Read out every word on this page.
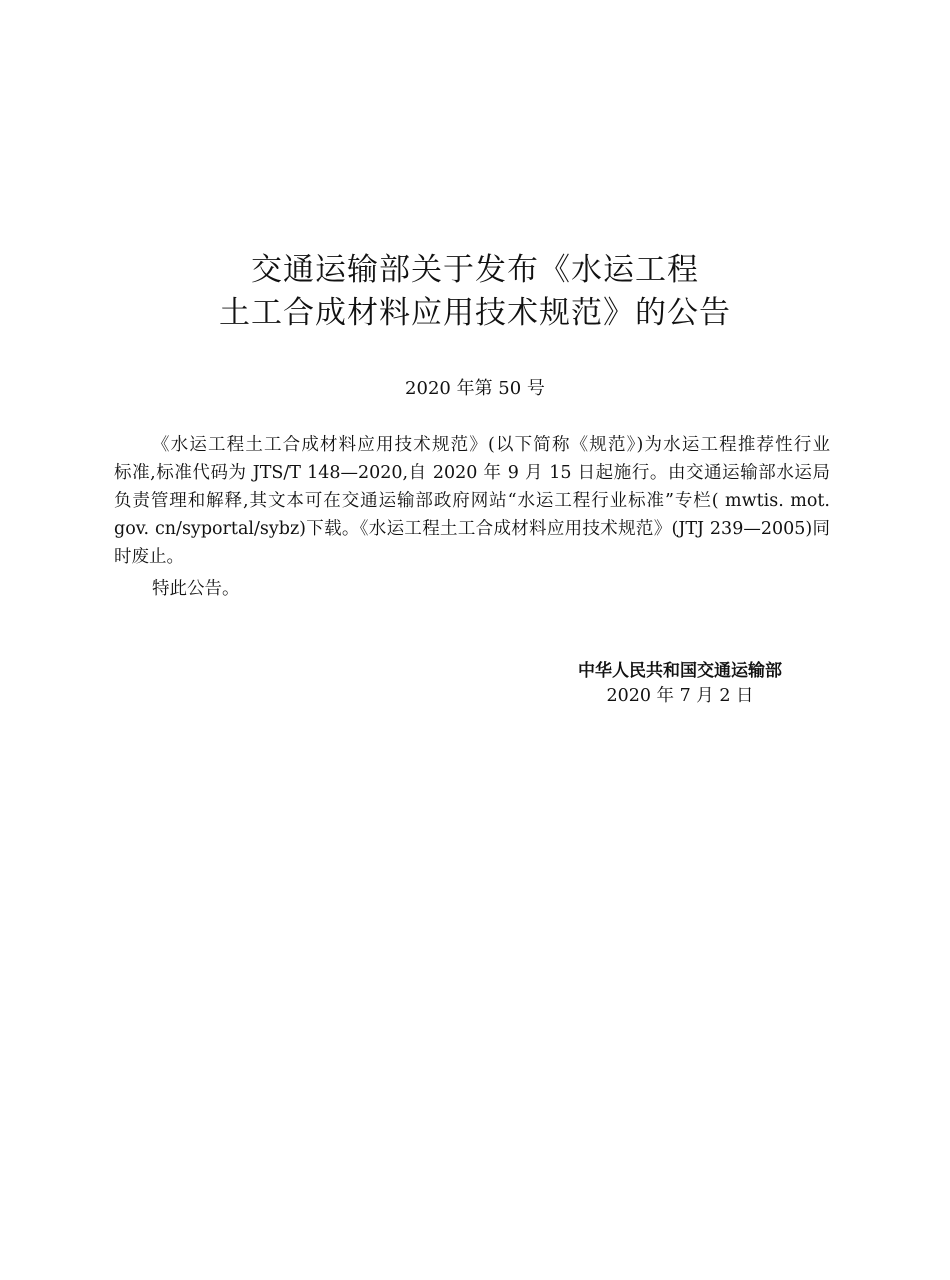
交通运输部关于发布《水运工程
土工合成材料应用技术规范》的公告
2020 年第 50 号

《水运工程土工合成材料应用技术规范》(以下简称《规范》)为水运工程推荐性行业

标准,标准代码为 JTS/T 148—2020,自 2020 年 9 月 15 日起施行。由交通运输部水运局

负责管理和解释,其文本可在交通运输部政府网站“水运工程行业标准”专栏( mwtis. mot.

gov. cn/syportal/sybz)下载。《水运工程土工合成材料应用技术规范》(JTJ 239—2005)同

时废止。

特此公告。

中华人民共和国交通运输部
2020 年 7 月 2 日
